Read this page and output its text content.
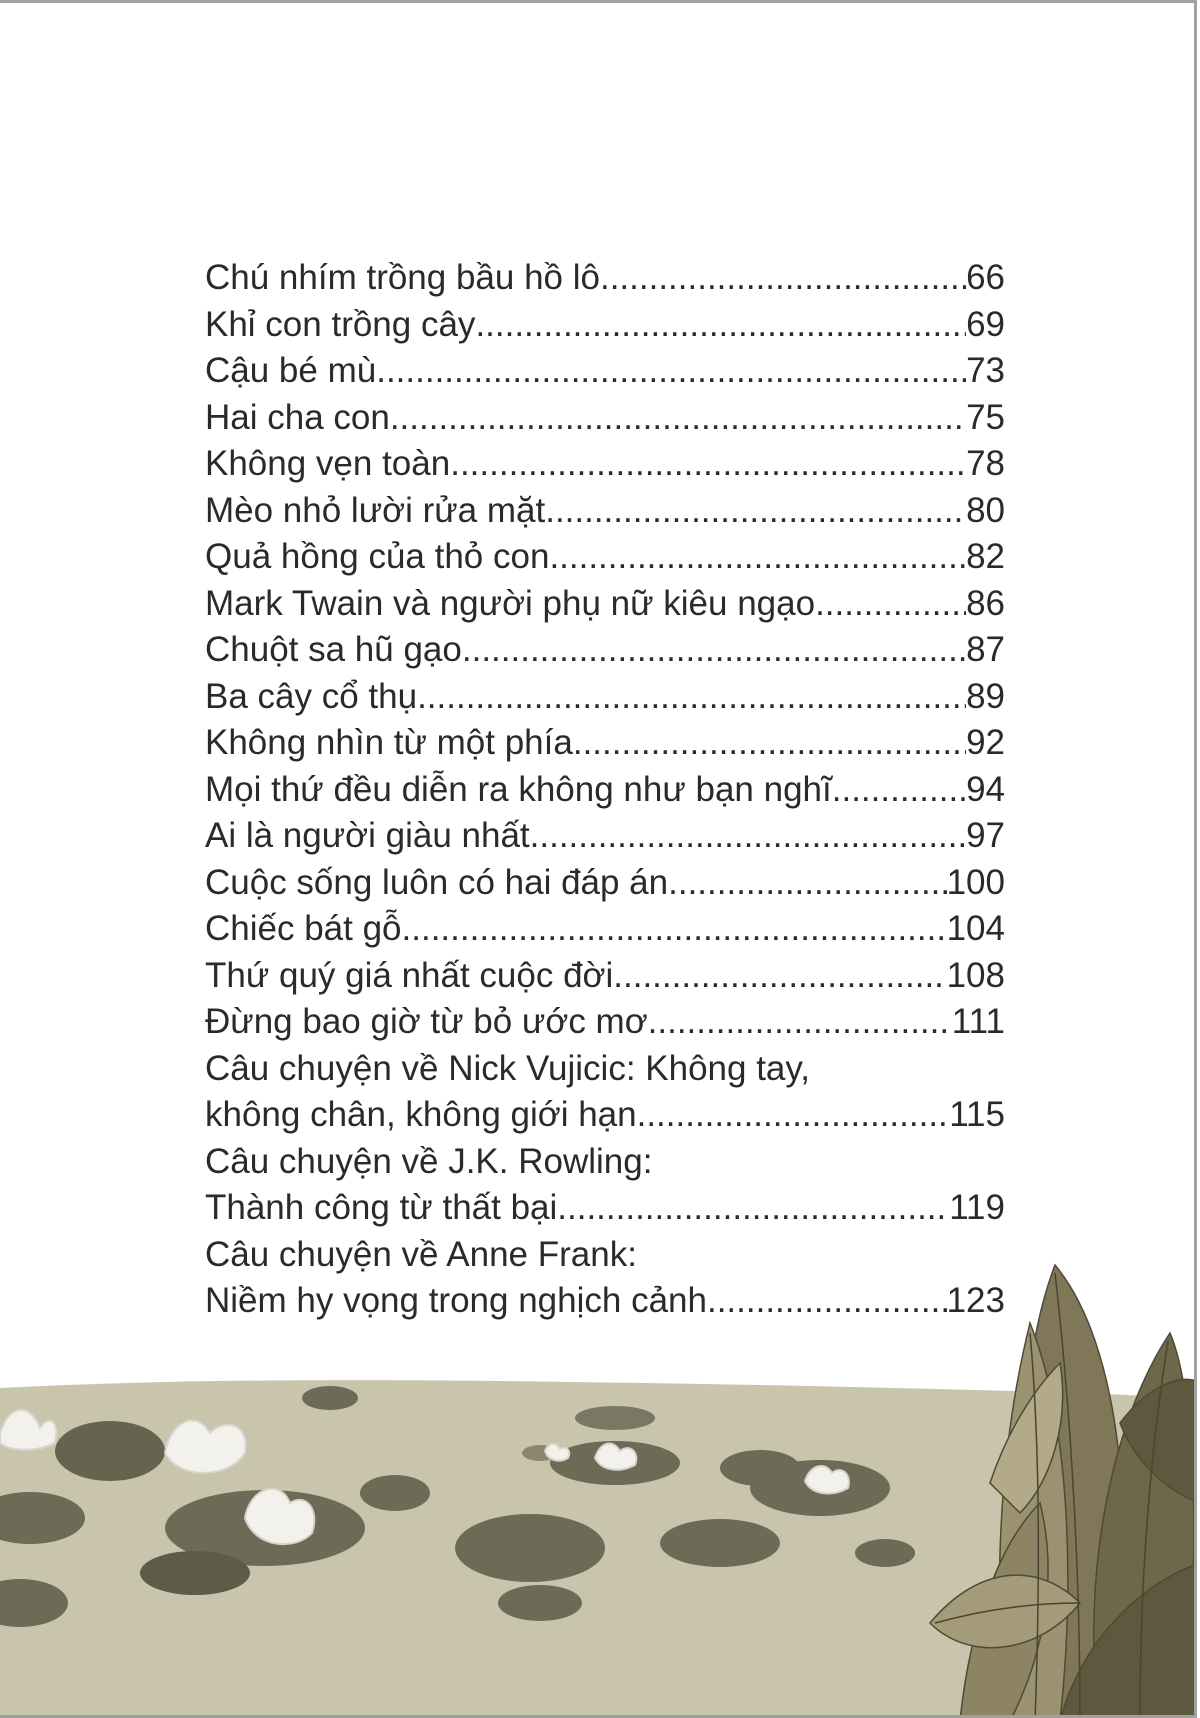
Chú nhím trồng bầu hồ lô .....	66
Khỉ con trồng cây .....	69
Cậu bé mù .....	73
Hai cha con .....	75
Không vẹn toàn .....	78
Mèo nhỏ lười rửa mặt .....	80
Quả hồng của thỏ con .....	82
Mark Twain và người phụ nữ kiêu ngạo .....	86
Chuột sa hũ gạo .....	87
Ba cây cổ thụ .....	89
Không nhìn từ một phía .....	92
Mọi thứ đều diễn ra không như bạn nghĩ .....	94
Ai là người giàu nhất .....	97
Cuộc sống luôn có hai đáp án .....	100
Chiếc bát gỗ .....	104
Thứ quý giá nhất cuộc đời .....	108
Đừng bao giờ từ bỏ ước mơ .....	111
Câu chuyện về Nick Vujicic: Không tay,
không chân, không giới hạn .....	115
Câu chuyện về J.K. Rowling:
Thành công từ thất bại .....	119
Câu chuyện về Anne Frank:
Niềm hy vọng trong nghịch cảnh .....	123
